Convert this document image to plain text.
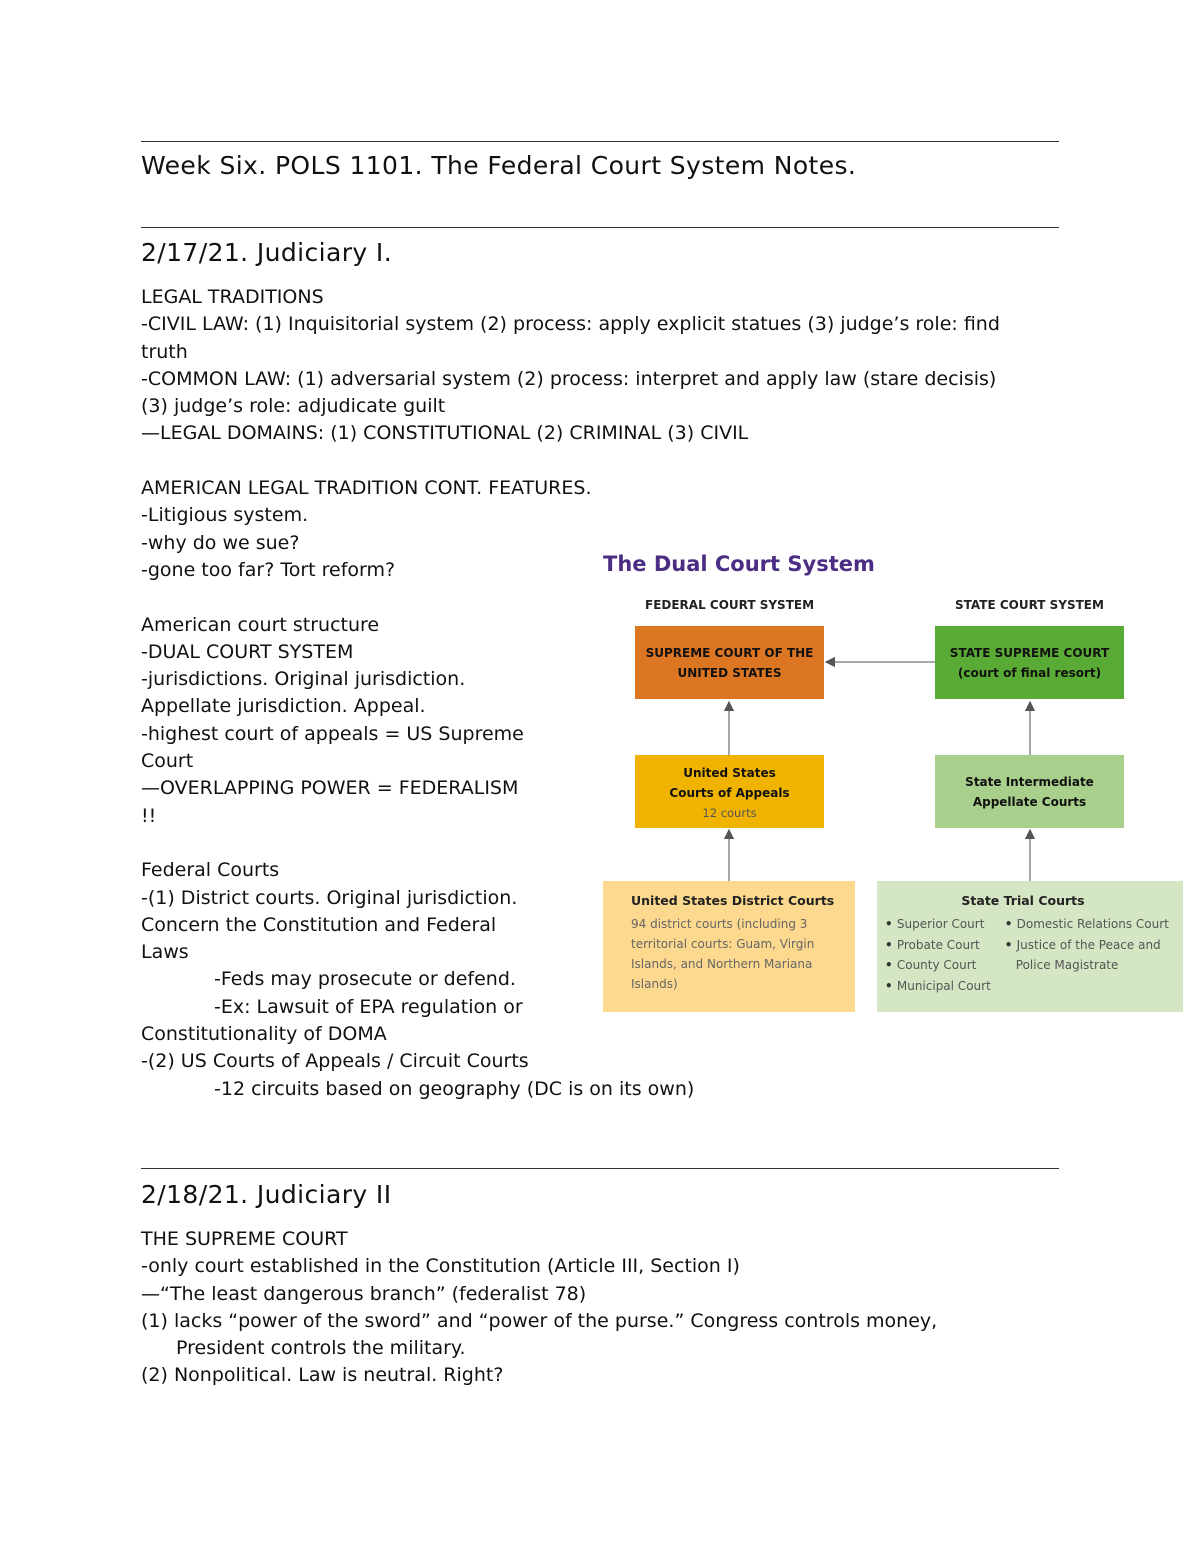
Week Six. POLS 1101. The Federal Court System Notes.
2/17/21. Judiciary I.
LEGAL TRADITIONS
-CIVIL LAW: (1) Inquisitorial system (2) process: apply explicit statues (3) judge’s role: find
truth
-COMMON LAW: (1) adversarial system (2) process: interpret and apply law (stare decisis)
(3) judge’s role: adjudicate guilt
—LEGAL DOMAINS: (1) CONSTITUTIONAL (2) CRIMINAL (3) CIVIL

AMERICAN LEGAL TRADITION CONT. FEATURES.
-Litigious system.
-why do we sue?
-gone too far? Tort reform?

American court structure
-DUAL COURT SYSTEM
-jurisdictions. Original jurisdiction.
Appellate jurisdiction. Appeal.
-highest court of appeals = US Supreme
Court
—OVERLAPPING POWER = FEDERALISM
!!

Federal Courts
-(1) District courts. Original jurisdiction.
Concern the Constitution and Federal
Laws
-Feds may prosecute or defend.
-Ex: Lawsuit of EPA regulation or
Constitutionality of DOMA
-(2) US Courts of Appeals / Circuit Courts
-12 circuits based on geography (DC is on its own)
2/18/21. Judiciary II
THE SUPREME COURT
-only court established in the Constitution (Article III, Section I)
—“The least dangerous branch” (federalist 78)
(1) lacks “power of the sword” and “power of the purse.” Congress controls money,
President controls the military.
(2) Nonpolitical. Law is neutral. Right?
The Dual Court System
FEDERAL COURT SYSTEM	STATE COURT SYSTEM
SUPREME COURT OF THE
UNITED STATES
STATE SUPREME COURT
(court of final resort)
United States
Courts of Appeals
12 courts
State Intermediate
Appellate Courts
United States District Courts
94 district courts (including 3 territorial courts: Guam, Virgin Islands, and Northern Mariana Islands)
State Trial Courts
• Superior Court
• Probate Court
• County Court
• Municipal Court
• Domestic Relations Court
• Justice of the Peace and
Police Magistrate
